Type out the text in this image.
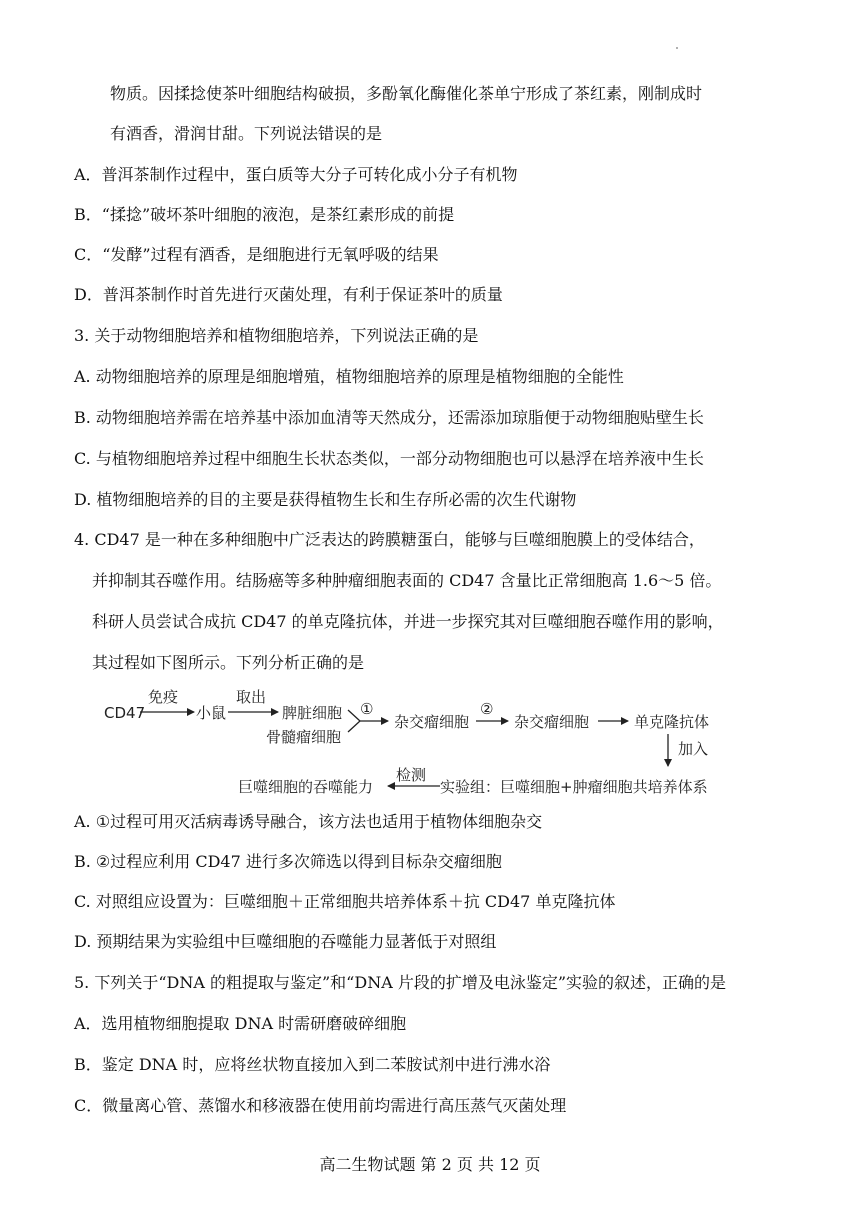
物质。因揉捻使茶叶细胞结构破损，多酚氧化酶催化茶单宁形成了茶红素，刚制成时
有酒香，滑润甘甜。下列说法错误的是
A．普洱茶制作过程中，蛋白质等大分子可转化成小分子有机物
B．“揉捻”破坏茶叶细胞的液泡，是茶红素形成的前提
C．“发酵”过程有酒香，是细胞进行无氧呼吸的结果
D．普洱茶制作时首先进行灭菌处理，有利于保证茶叶的质量
3. 关于动物细胞培养和植物细胞培养，下列说法正确的是
A. 动物细胞培养的原理是细胞增殖，植物细胞培养的原理是植物细胞的全能性
B. 动物细胞培养需在培养基中添加血清等天然成分，还需添加琼脂便于动物细胞贴壁生长
C. 与植物细胞培养过程中细胞生长状态类似，一部分动物细胞也可以悬浮在培养液中生长
D. 植物细胞培养的目的主要是获得植物生长和生存所必需的次生代谢物
4. CD47 是一种在多种细胞中广泛表达的跨膜糖蛋白，能够与巨噬细胞膜上的受体结合，
并抑制其吞噬作用。结肠癌等多种肿瘤细胞表面的 CD47 含量比正常细胞高 1.6～5 倍。
科研人员尝试合成抗 CD47 的单克隆抗体，并进一步探究其对巨噬细胞吞噬作用的影响，
其过程如下图所示。下列分析正确的是
CD47
免疫
小鼠
取出
脾脏细胞
骨髓瘤细胞
①
杂交瘤细胞
②
杂交瘤细胞	单克隆抗体
加入
实验组：巨噬细胞+肿瘤细胞共培养体系
检测
巨噬细胞的吞噬能力
A. ①过程可用灭活病毒诱导融合，该方法也适用于植物体细胞杂交
B. ②过程应利用 CD47 进行多次筛选以得到目标杂交瘤细胞
C. 对照组应设置为：巨噬细胞＋正常细胞共培养体系＋抗 CD47 单克隆抗体
D. 预期结果为实验组中巨噬细胞的吞噬能力显著低于对照组
5. 下列关于“DNA 的粗提取与鉴定”和“DNA 片段的扩增及电泳鉴定”实验的叙述，正确的是
A．选用植物细胞提取 DNA 时需研磨破碎细胞
B．鉴定 DNA 时，应将丝状物直接加入到二苯胺试剂中进行沸水浴
C．微量离心管、蒸馏水和移液器在使用前均需进行高压蒸气灭菌处理
高二生物试题 第 2 页 共 12 页
